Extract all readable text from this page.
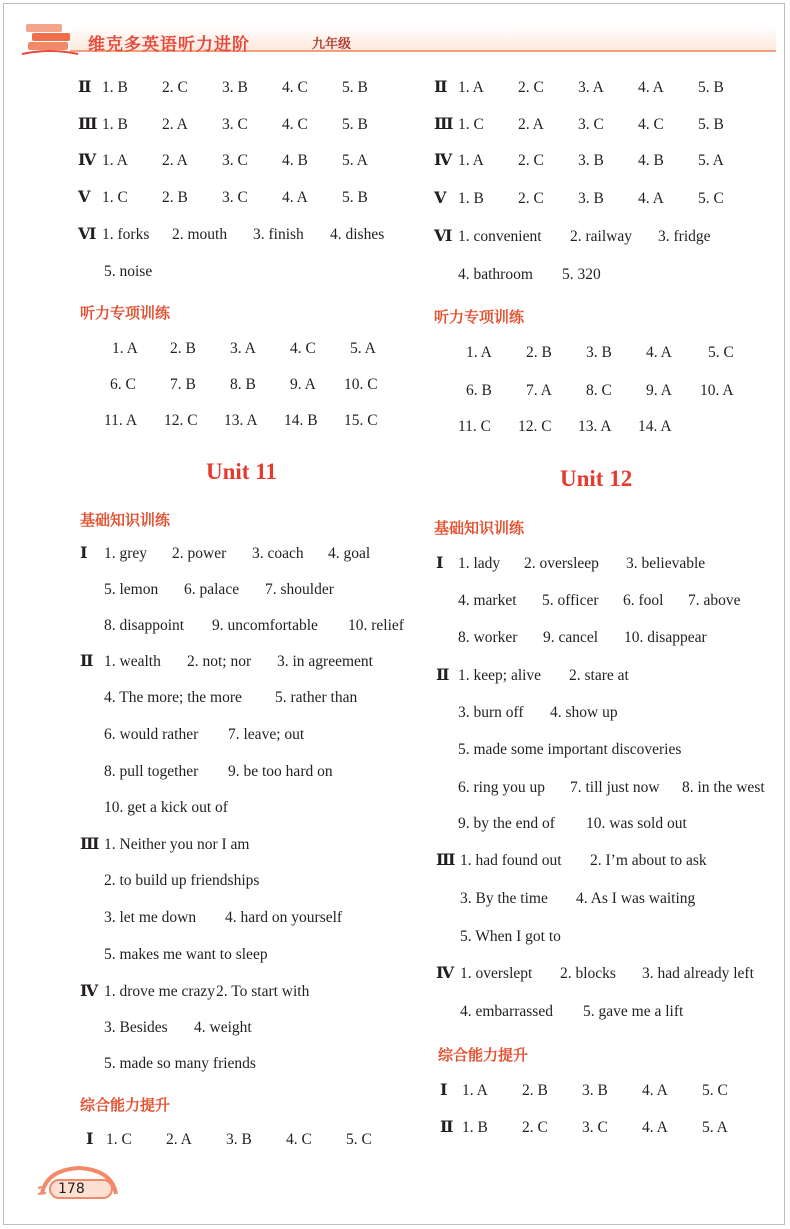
维克多英语听力进阶	九年级
Ⅱ 1. B 2. C 3. B 4. C 5. B
Ⅲ 1. B 2. A 3. C 4. C 5. B
Ⅳ 1. A 2. A 3. C 4. B 5. A
Ⅴ 1. C 2. B 3. C 4. A 5. B
Ⅵ 1. forks 2. mouth 3. finish 4. dishes
5. noise
听力专项训练
1. A 2. B 3. A 4. C 5. A
6. C 7. B 8. B 9. A 10. C
11. A 12. C 13. A 14. B 15. C
Unit 11
基础知识训练
Ⅰ 1. grey 2. power 3. coach 4. goal
5. lemon 6. palace 7. shoulder
8. disappoint 9. uncomfortable 10. relief
Ⅱ 1. wealth 2. not; nor 3. in agreement
4. The more; the more 5. rather than
6. would rather 7. leave; out
8. pull together 9. be too hard on
10. get a kick out of
Ⅲ 1. Neither you nor I am
2. to build up friendships
3. let me down 4. hard on yourself
5. makes me want to sleep
Ⅳ 1. drove me crazy 2. To start with
3. Besides 4. weight
5. made so many friends
综合能力提升
Ⅰ 1. C 2. A 3. B 4. C 5. C
Ⅱ 1. A 2. C 3. A 4. A 5. B
Ⅲ 1. C 2. A 3. C 4. C 5. B
Ⅳ 1. A 2. C 3. B 4. B 5. A
Ⅴ 1. B 2. C 3. B 4. A 5. C
Ⅵ 1. convenient 2. railway 3. fridge
4. bathroom 5. 320
听力专项训练
1. A 2. B 3. B 4. A 5. C
6. B 7. A 8. C 9. A 10. A
11. C 12. C 13. A 14. A
Unit 12
基础知识训练
Ⅰ 1. lady 2. oversleep 3. believable
4. market 5. officer 6. fool 7. above
8. worker 9. cancel 10. disappear
Ⅱ 1. keep; alive 2. stare at
3. burn off 4. show up
5. made some important discoveries
6. ring you up 7. till just now 8. in the west
9. by the end of 10. was sold out
Ⅲ 1. had found out 2. I’m about to ask
3. By the time 4. As I was waiting
5. When I got to
Ⅳ 1. overslept 2. blocks 3. had already left
4. embarrassed 5. gave me a lift
综合能力提升
Ⅰ 1. A 2. B 3. B 4. A 5. C
Ⅱ 1. B 2. C 3. C 4. A 5. A
178
